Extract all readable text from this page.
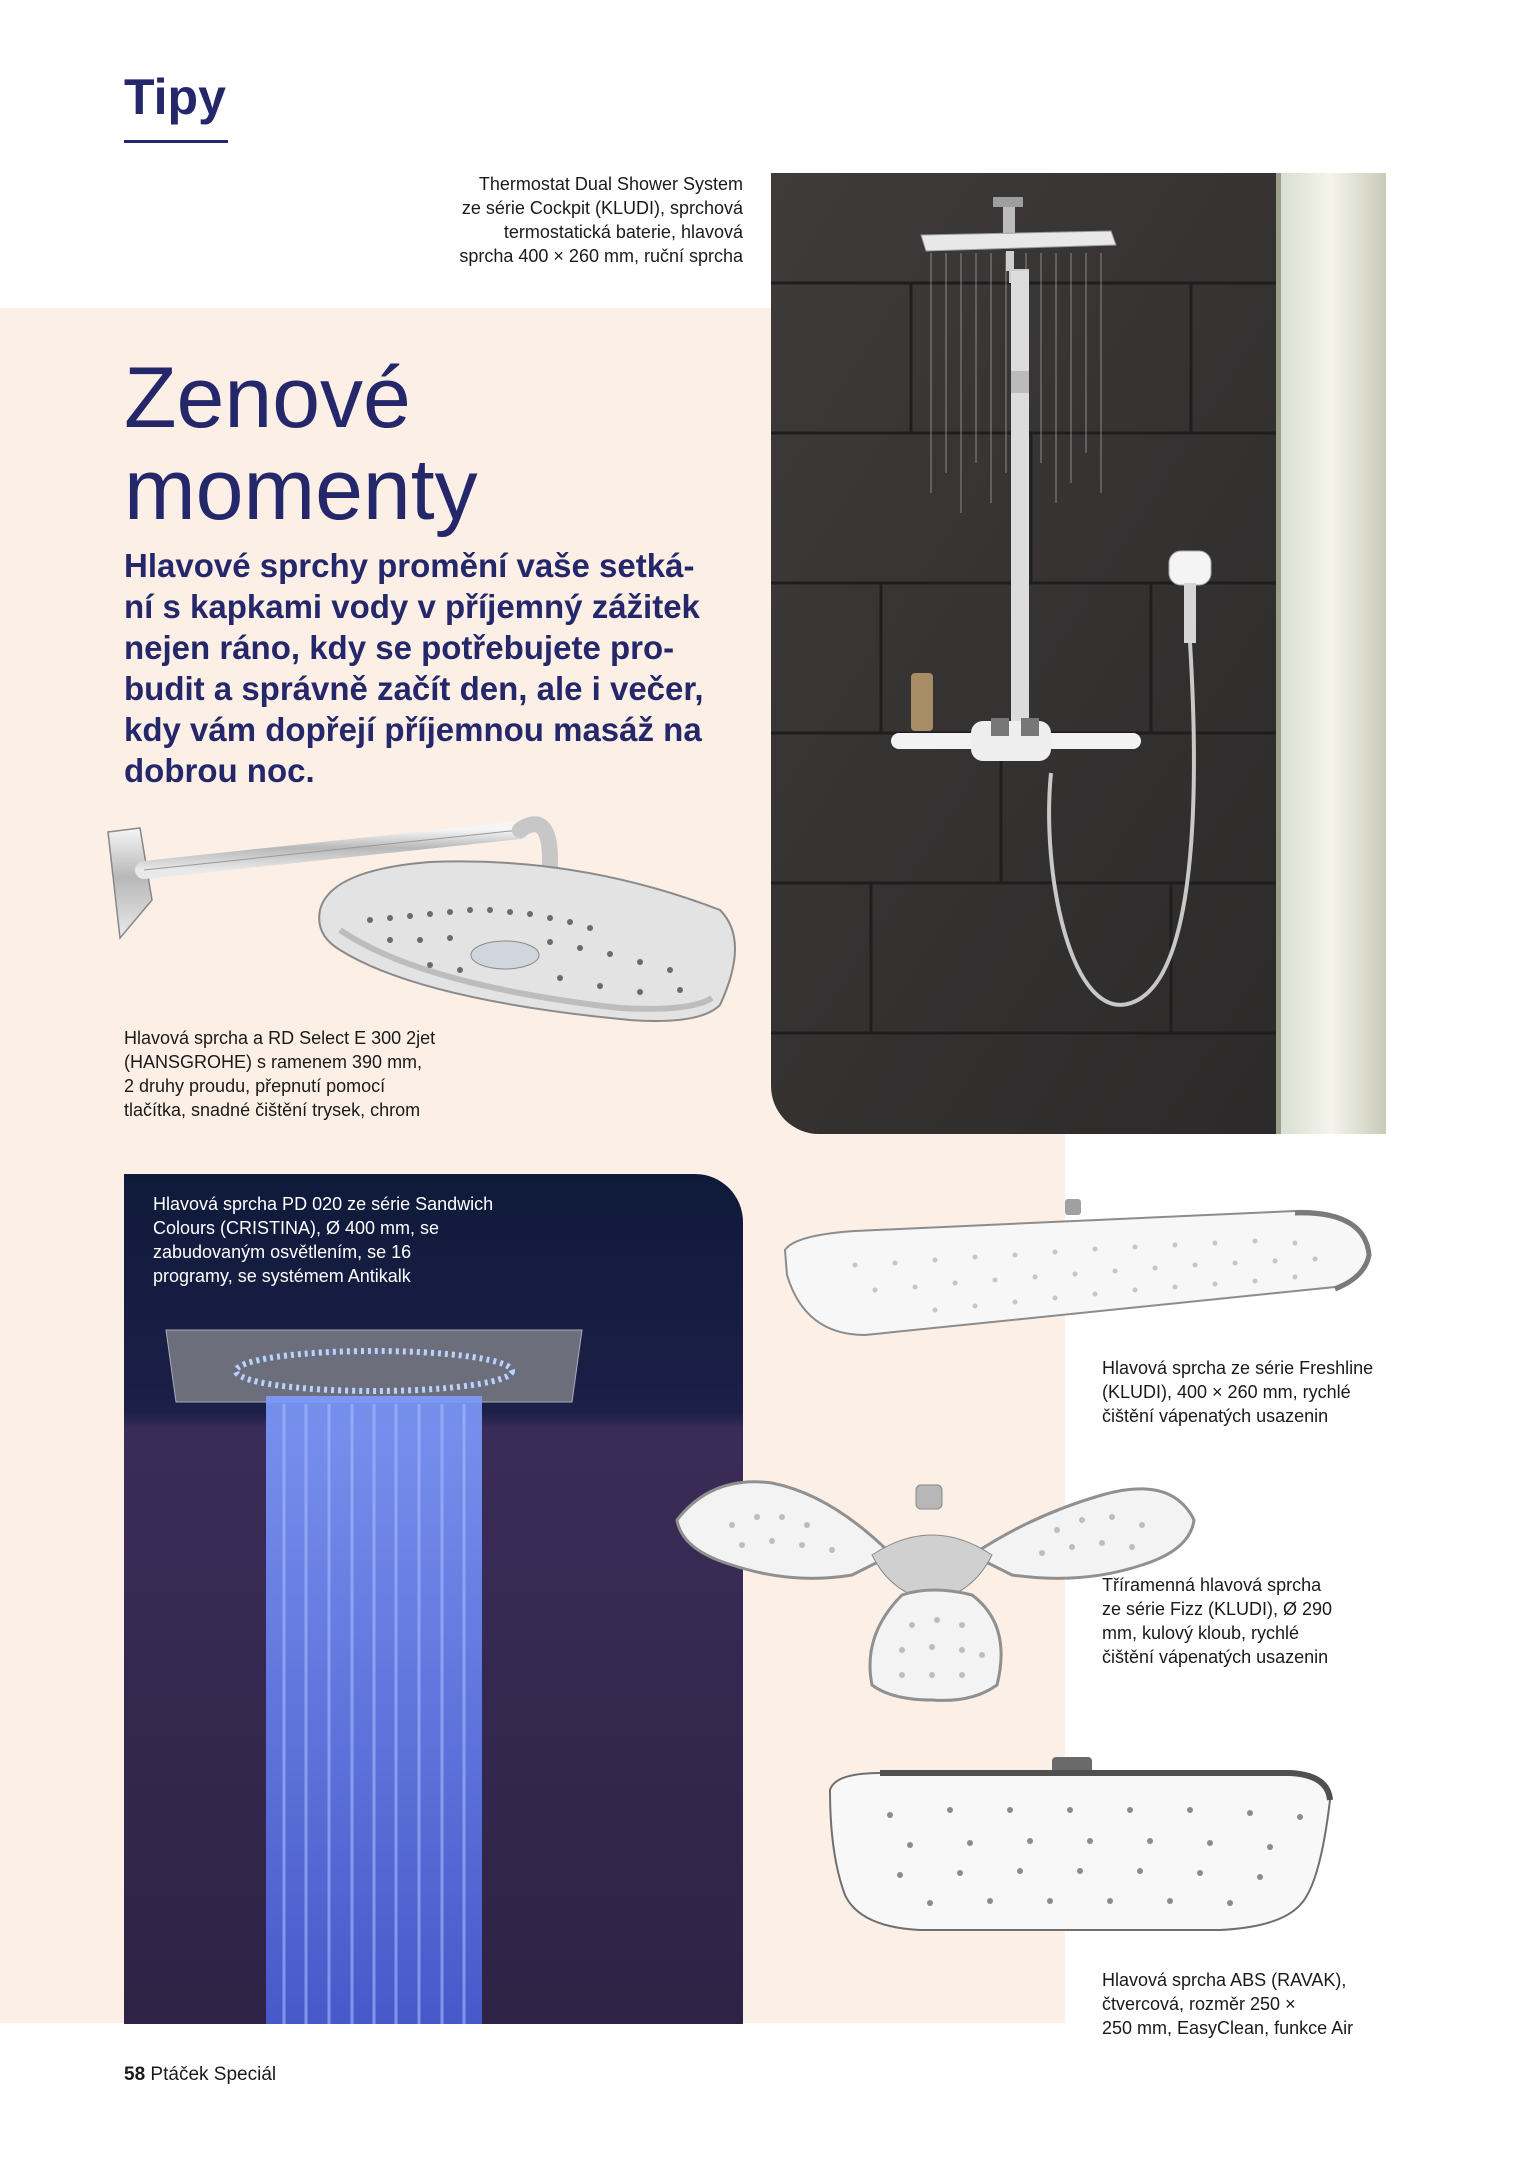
Tipy
Thermostat Dual Shower System
ze série Cockpit (KLUDI), sprchová
termostatická baterie, hlavová
sprcha 400 × 260 mm, ruční sprcha
Zenové
momenty
Hlavové sprchy promění vaše setká-
ní s kapkami vody v příjemný zážitek
nejen ráno, kdy se potřebujete pro-
budit a správně začít den, ale i večer,
kdy vám dopřejí příjemnou masáž na
dobrou noc.
Hlavová sprcha a RD Select E 300 2jet
(HANSGROHE) s ramenem 390 mm,
2 druhy proudu, přepnutí pomocí
tlačítka, snadné čištění trysek, chrom
Hlavová sprcha PD 020 ze série Sandwich
Colours (CRISTINA), Ø 400 mm, se
zabudovaným osvětlením, se 16
programy, se systémem Antikalk
Hlavová sprcha ze série Freshline
(KLUDI), 400 × 260 mm, rychlé
čištění vápenatých usazenin
Tříramenná hlavová sprcha
ze série Fizz (KLUDI), Ø 290
mm, kulový kloub, rychlé
čištění vápenatých usazenin
Hlavová sprcha ABS (RAVAK),
čtvercová, rozměr 250 ×
250 mm, EasyClean, funkce Air
58 Ptáček Speciál
